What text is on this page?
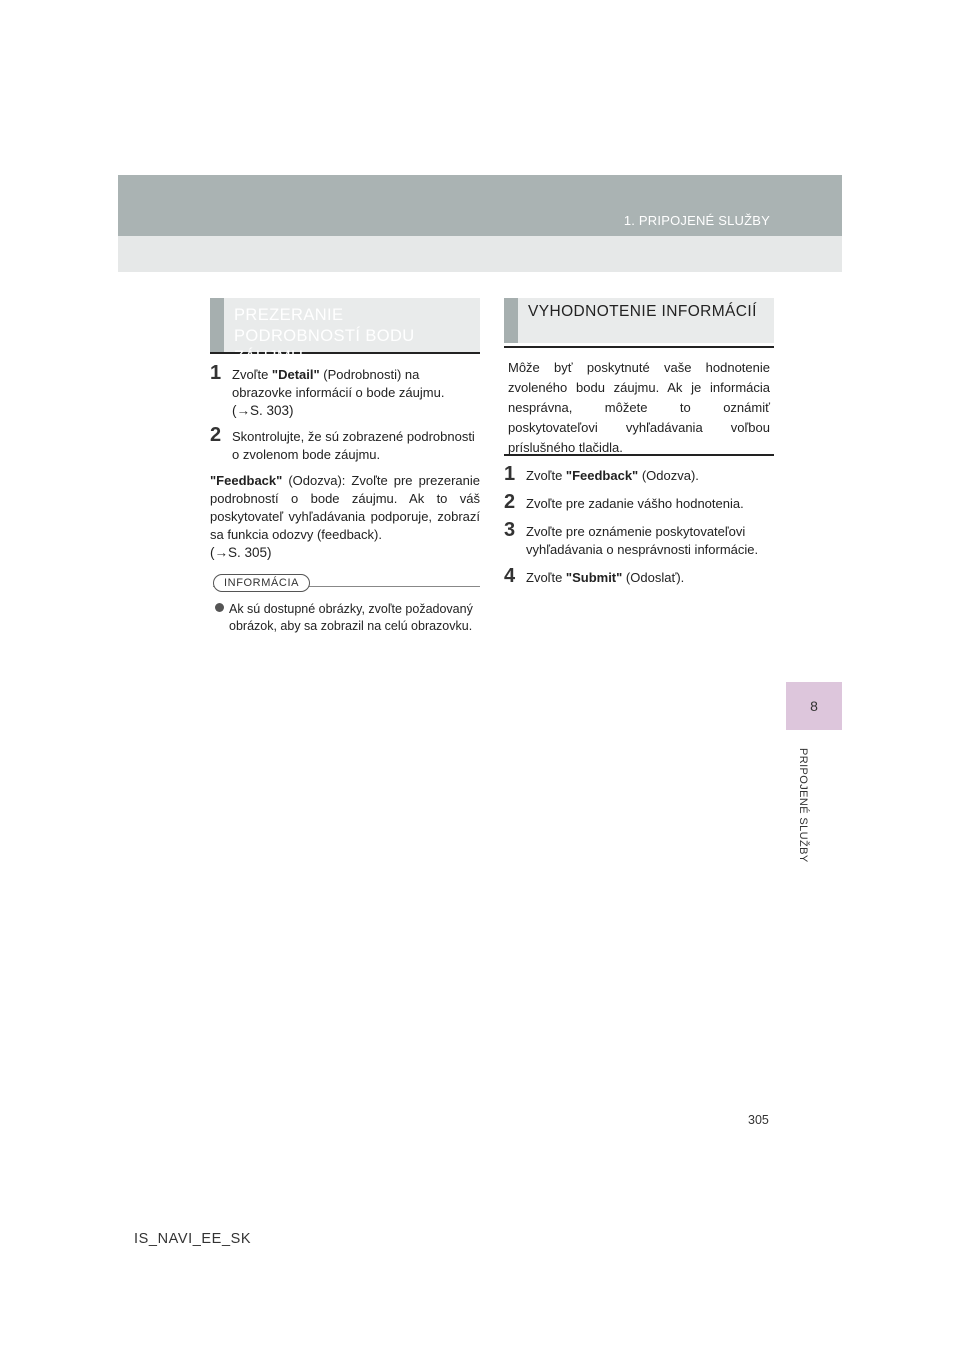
1. PRIPOJENÉ SLUŽBY
8
PRIPOJENÉ SLUŽBY
PREZERANIE PODROBNOSTÍ BODU ZÁUJMU
1 Zvoľte "Detail" (Podrobnosti) na obrazovke informácií o bode záujmu.
(→S. 303)
2 Skontrolujte, že sú zobrazené podrobnosti o zvolenom bode záujmu.
"Feedback" (Odozva): Zvoľte pre prezeranie podrobností o bode záujmu. Ak to váš poskytovateľ vyhľadávania podporuje, zobrazí sa funkcia odozvy (feedback).
(→S. 305)
INFORMÁCIA
Ak sú dostupné obrázky, zvoľte požadovaný obrázok, aby sa zobrazil na celú obrazovku.
VYHODNOTENIE INFORMÁCIÍ
Môže byť poskytnuté vaše hodnotenie zvoleného bodu záujmu. Ak je informácia nesprávna, môžete to oznámiť poskytovateľovi vyhľadávania voľbou príslušného tlačidla.
1 Zvoľte "Feedback" (Odozva).
2 Zvoľte pre zadanie vášho hodnotenia.
3 Zvoľte pre oznámenie poskytovateľovi vyhľadávania o nesprávnosti informácie.
4 Zvoľte "Submit" (Odoslať).
305
IS_NAVI_EE_SK
